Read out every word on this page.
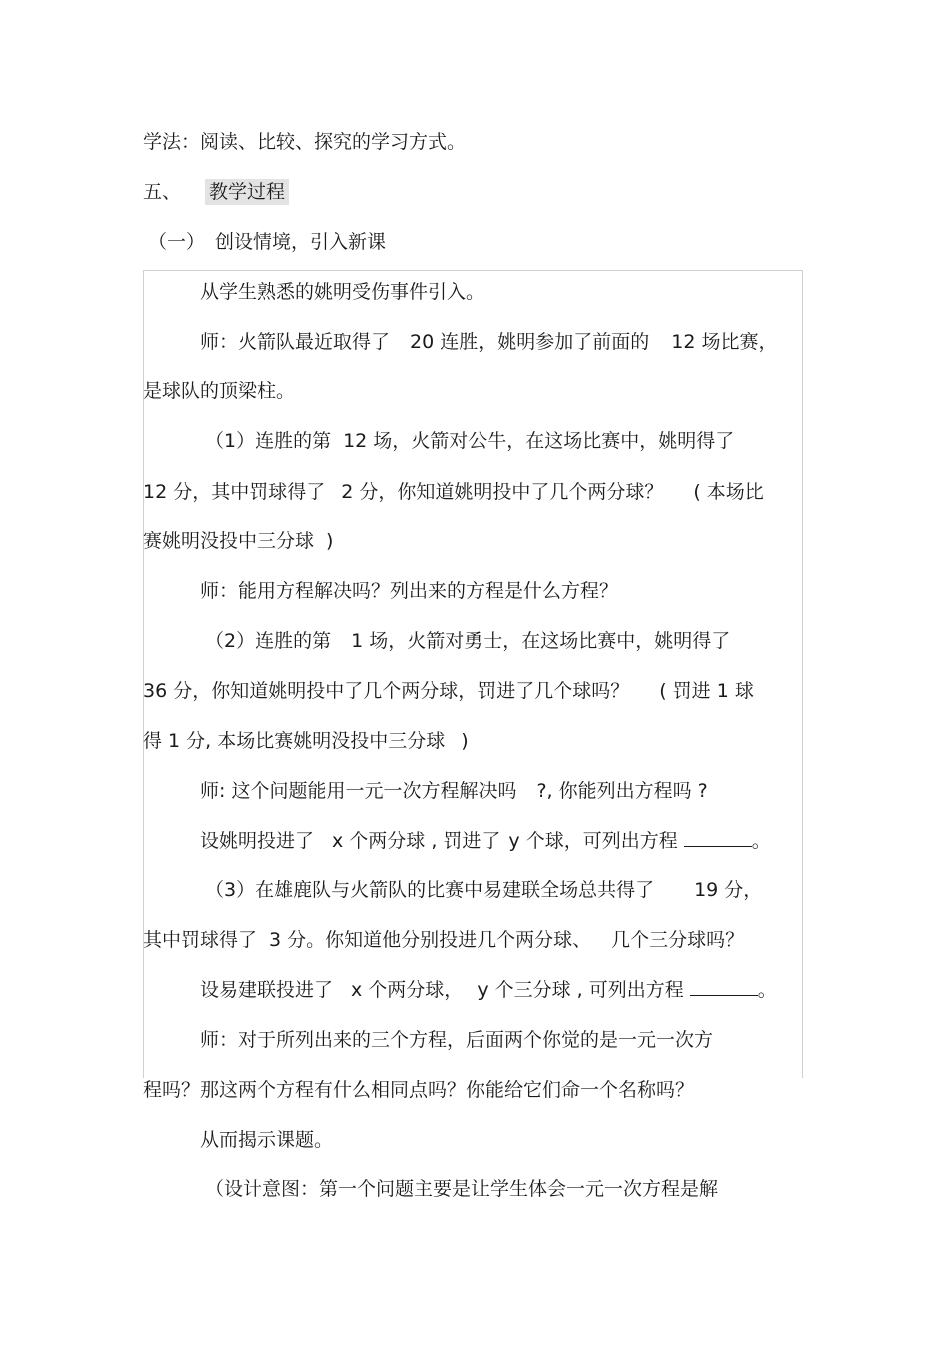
学法：阅读、比较、探究的学习方式。
五、 教学过程
（一） 创设情境，引入新课
从学生熟悉的姚明受伤事件引入。
师：火箭队最近取得了 20 连胜，姚明参加了前面的 12 场比赛，
是球队的顶梁柱。
（1）连胜的第 12 场，火箭对公牛，在这场比赛中，姚明得了
12 分，其中罚球得了 2 分，你知道姚明投中了几个两分球？ ( 本场比
赛姚明没投中三分球 )
师：能用方程解决吗？列出来的方程是什么方程？
（2）连胜的第 1 场，火箭对勇士，在这场比赛中，姚明得了
36 分，你知道姚明投中了几个两分球，罚进了几个球吗？ ( 罚进 1 球
得 1 分, 本场比赛姚明没投中三分球 )
师: 这个问题能用一元一次方程解决吗 ?, 你能列出方程吗 ?
设姚明投进了 x 个两分球 , 罚进了 y 个球，可列出方程	。
（3）在雄鹿队与火箭队的比赛中易建联全场总共得了 19 分，
其中罚球得了 3 分。你知道他分别投进几个两分球、 几个三分球吗？
设易建联投进了 x 个两分球， y 个三分球 , 可列出方程	。
师：对于所列出来的三个方程，后面两个你觉的是一元一次方
程吗？那这两个方程有什么相同点吗？你能给它们命一个名称吗？
从而揭示课题。
（设计意图：第一个问题主要是让学生体会一元一次方程是解
